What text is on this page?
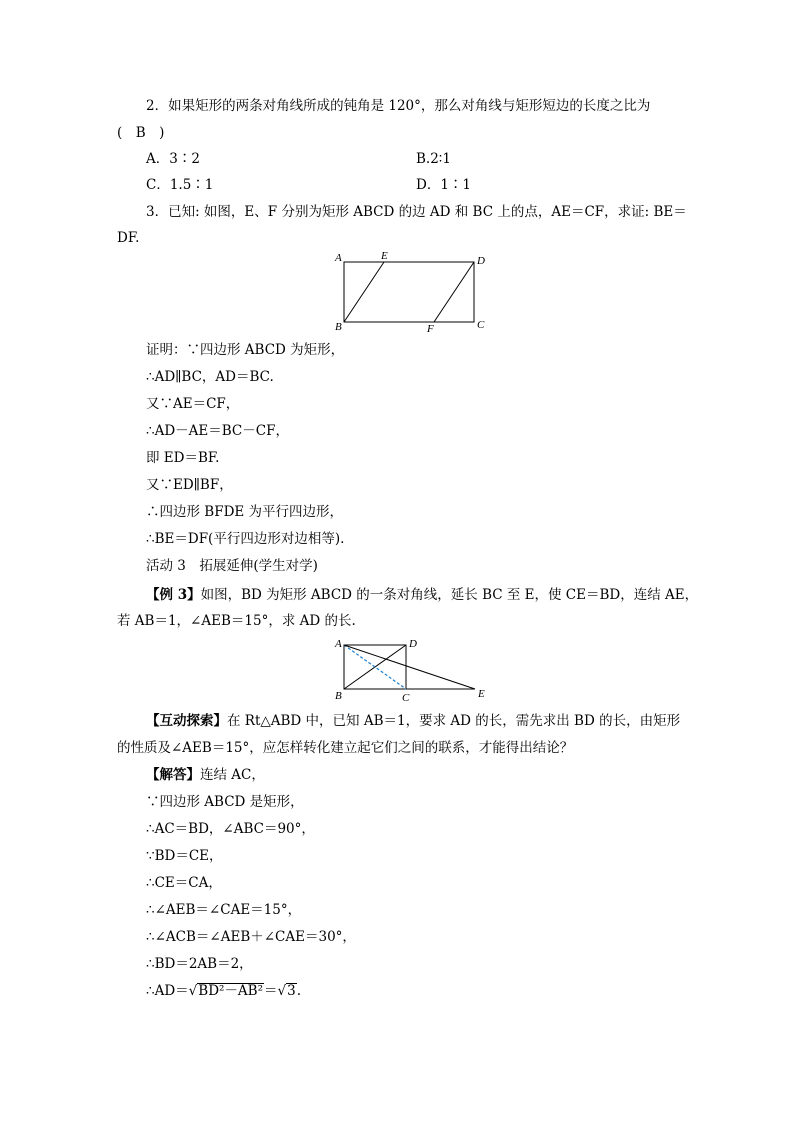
2．如果矩形的两条对角线所成的钝角是 120°，那么对角线与矩形短边的长度之比为
(　B　)
A．3∶2	B.2∶1
C．1.5∶1	D．1∶1
3．已知: 如图，E、F 分别为矩形 ABCD 的边 AD 和 BC 上的点，AE＝CF，求证: BE＝
DF.
A	E	D
B	F	C
证明：∵四边形 ABCD 为矩形，
∴AD∥BC，AD＝BC.
又∵AE＝CF，
∴AD－AE＝BC－CF，
即 ED＝BF.
又∵ED∥BF，
∴四边形 BFDE 为平行四边形，
∴BE＝DF(平行四边形对边相等).
活动 3　拓展延伸(学生对学)
【例 3】如图，BD 为矩形 ABCD 的一条对角线，延长 BC 至 E，使 CE＝BD，连结 AE，
若 AB＝1，∠AEB＝15°，求 AD 的长.
A	D
B	C	E
【互动探索】在 Rt△ABD 中，已知 AB＝1，要求 AD 的长，需先求出 BD 的长，由矩形
的性质及∠AEB＝15°，应怎样转化建立起它们之间的联系，才能得出结论？
【解答】连结 AC，
∵四边形 ABCD 是矩形，
∴AC＝BD，∠ABC＝90°，
∵BD＝CE，
∴CE＝CA，
∴∠AEB＝∠CAE＝15°，
∴∠ACB＝∠AEB＋∠CAE＝30°，
∴BD＝2AB＝2，
∴AD＝√BD²－AB²＝√3.
